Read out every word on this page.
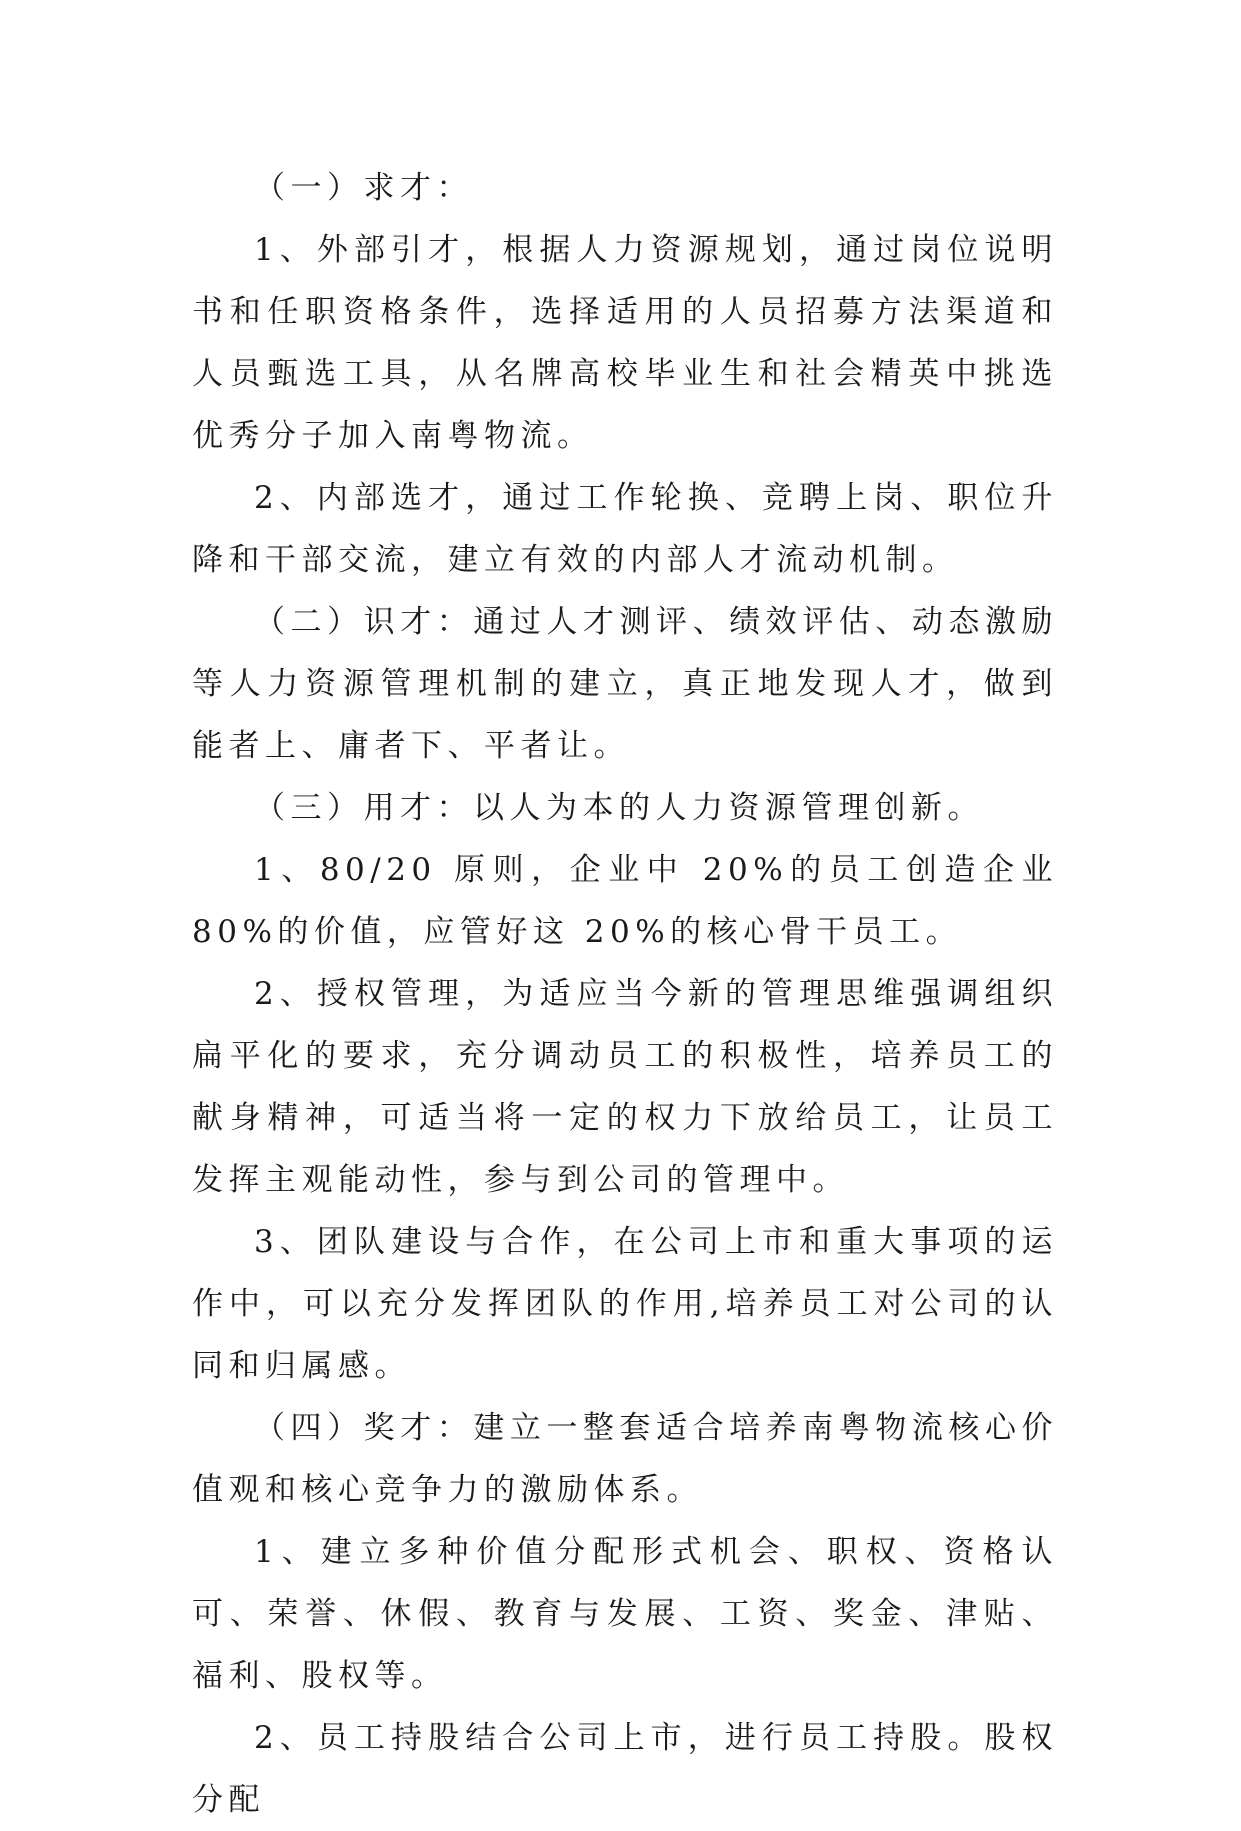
（一）求才：

1、外部引才，根据人力资源规划，通过岗位说明书和任职资格条件，选择适用的人员招募方法渠道和人员甄选工具，从名牌高校毕业生和社会精英中挑选优秀分子加入南粤物流。

2、内部选才，通过工作轮换、竞聘上岗、职位升降和干部交流，建立有效的内部人才流动机制。

（二）识才：通过人才测评、绩效评估、动态激励等人力资源管理机制的建立，真正地发现人才，做到能者上、庸者下、平者让。

（三）用才：以人为本的人力资源管理创新。

1、80/20 原则，企业中 20%的员工创造企业 80%的价值，应管好这 20%的核心骨干员工。

2、授权管理，为适应当今新的管理思维强调组织扁平化的要求，充分调动员工的积极性，培养员工的献身精神，可适当将一定的权力下放给员工，让员工发挥主观能动性，参与到公司的管理中。

3、团队建设与合作，在公司上市和重大事项的运作中，可以充分发挥团队的作用,培养员工对公司的认同和归属感。

（四）奖才：建立一整套适合培养南粤物流核心价值观和核心竞争力的激励体系。

1、建立多种价值分配形式机会、职权、资格认可、荣誉、休假、教育与发展、工资、奖金、津贴、福利、股权等。

2、员工持股结合公司上市，进行员工持股。股权分配
